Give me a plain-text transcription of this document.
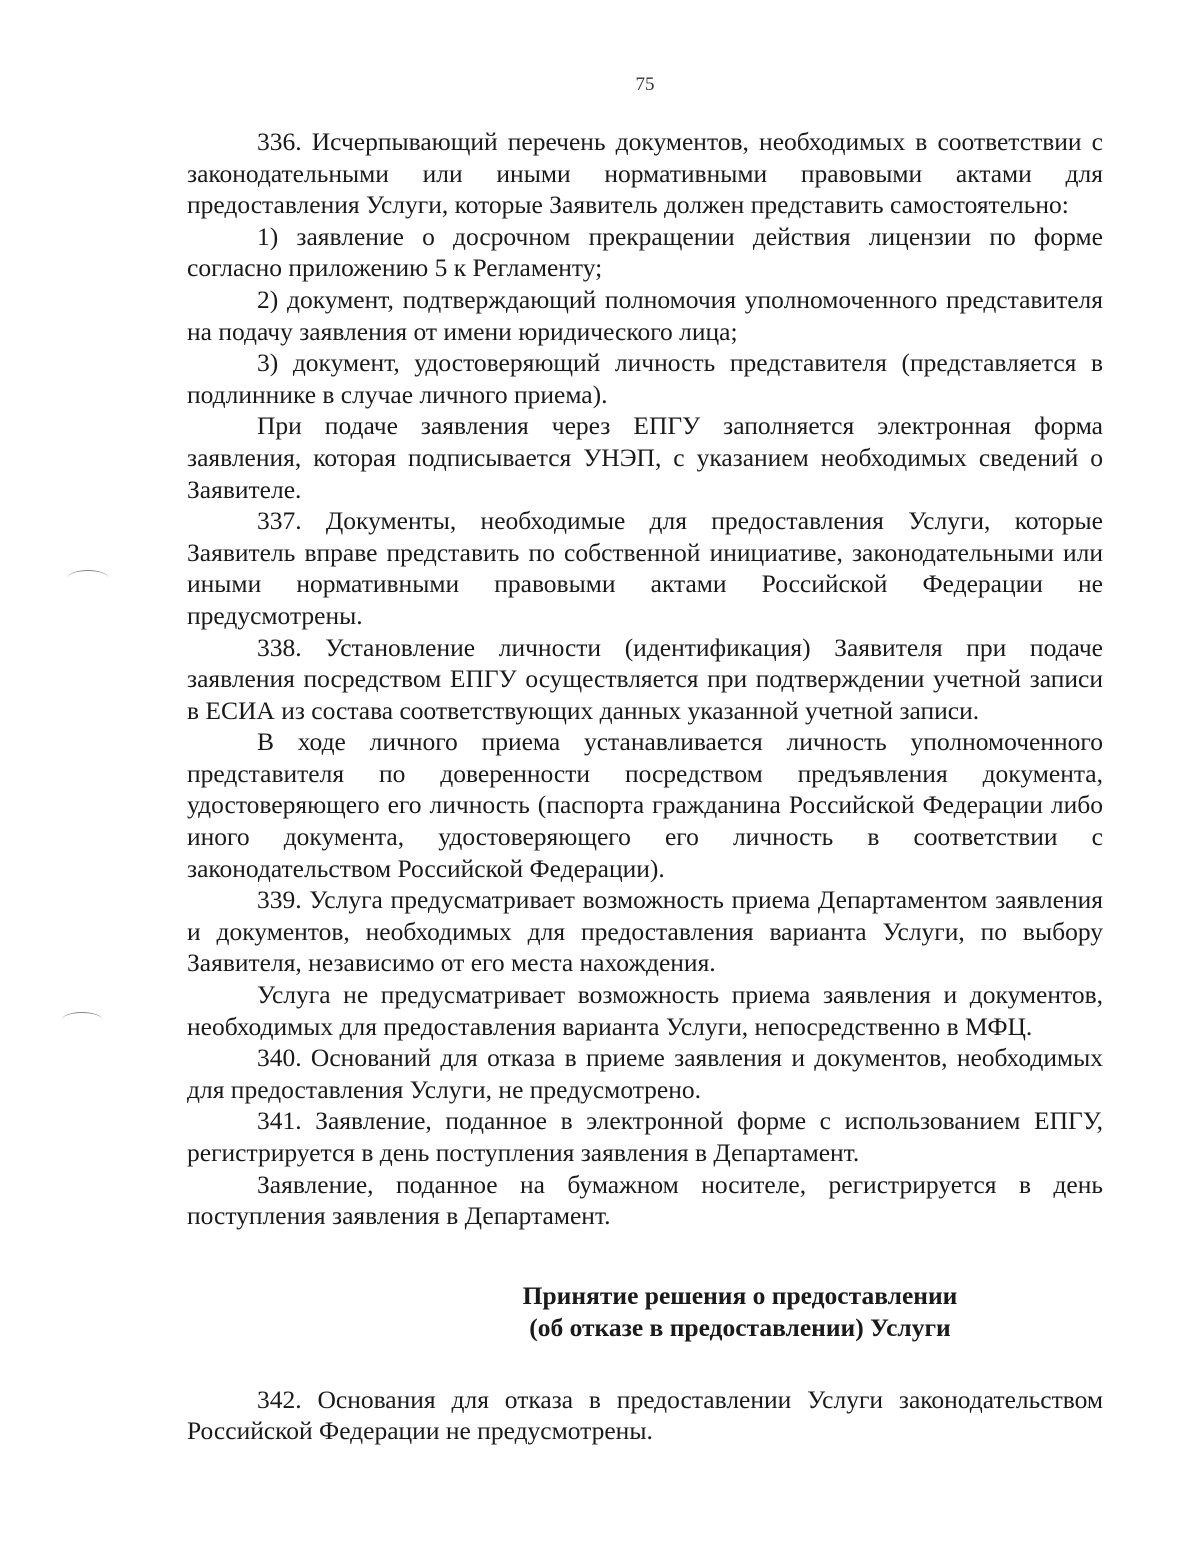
75

336. Исчерпывающий перечень документов, необходимых в соответствии с законодательными или иными нормативными правовыми актами для предоставления Услуги, которые Заявитель должен представить самостоятельно:

1) заявление о досрочном прекращении действия лицензии по форме согласно приложению 5 к Регламенту;

2) документ, подтверждающий полномочия уполномоченного представителя на подачу заявления от имени юридического лица;

3) документ, удостоверяющий личность представителя (представляется в подлиннике в случае личного приема).

При подаче заявления через ЕПГУ заполняется электронная форма заявления, которая подписывается УНЭП, с указанием необходимых сведений о Заявителе.

337. Документы, необходимые для предоставления Услуги, которые Заявитель вправе представить по собственной инициативе, законодательными или иными нормативными правовыми актами Российской Федерации не предусмотрены.

338. Установление личности (идентификация) Заявителя при подаче заявления посредством ЕПГУ осуществляется при подтверждении учетной записи в ЕСИА из состава соответствующих данных указанной учетной записи.

В ходе личного приема устанавливается личность уполномоченного представителя по доверенности посредством предъявления документа, удостоверяющего его личность (паспорта гражданина Российской Федерации либо иного документа, удостоверяющего его личность в соответствии с законодательством Российской Федерации).

339. Услуга предусматривает возможность приема Департаментом заявления и документов, необходимых для предоставления варианта Услуги, по выбору Заявителя, независимо от его места нахождения.

Услуга не предусматривает возможность приема заявления и документов, необходимых для предоставления варианта Услуги, непосредственно в МФЦ.

340. Оснований для отказа в приеме заявления и документов, необходимых для предоставления Услуги, не предусмотрено.

341. Заявление, поданное в электронной форме с использованием ЕПГУ, регистрируется в день поступления заявления в Департамент.

Заявление, поданное на бумажном носителе, регистрируется в день поступления заявления в Департамент.

Принятие решения о предоставлении
(об отказе в предоставлении) Услуги

342. Основания для отказа в предоставлении Услуги законодательством Российской Федерации не предусмотрены.
